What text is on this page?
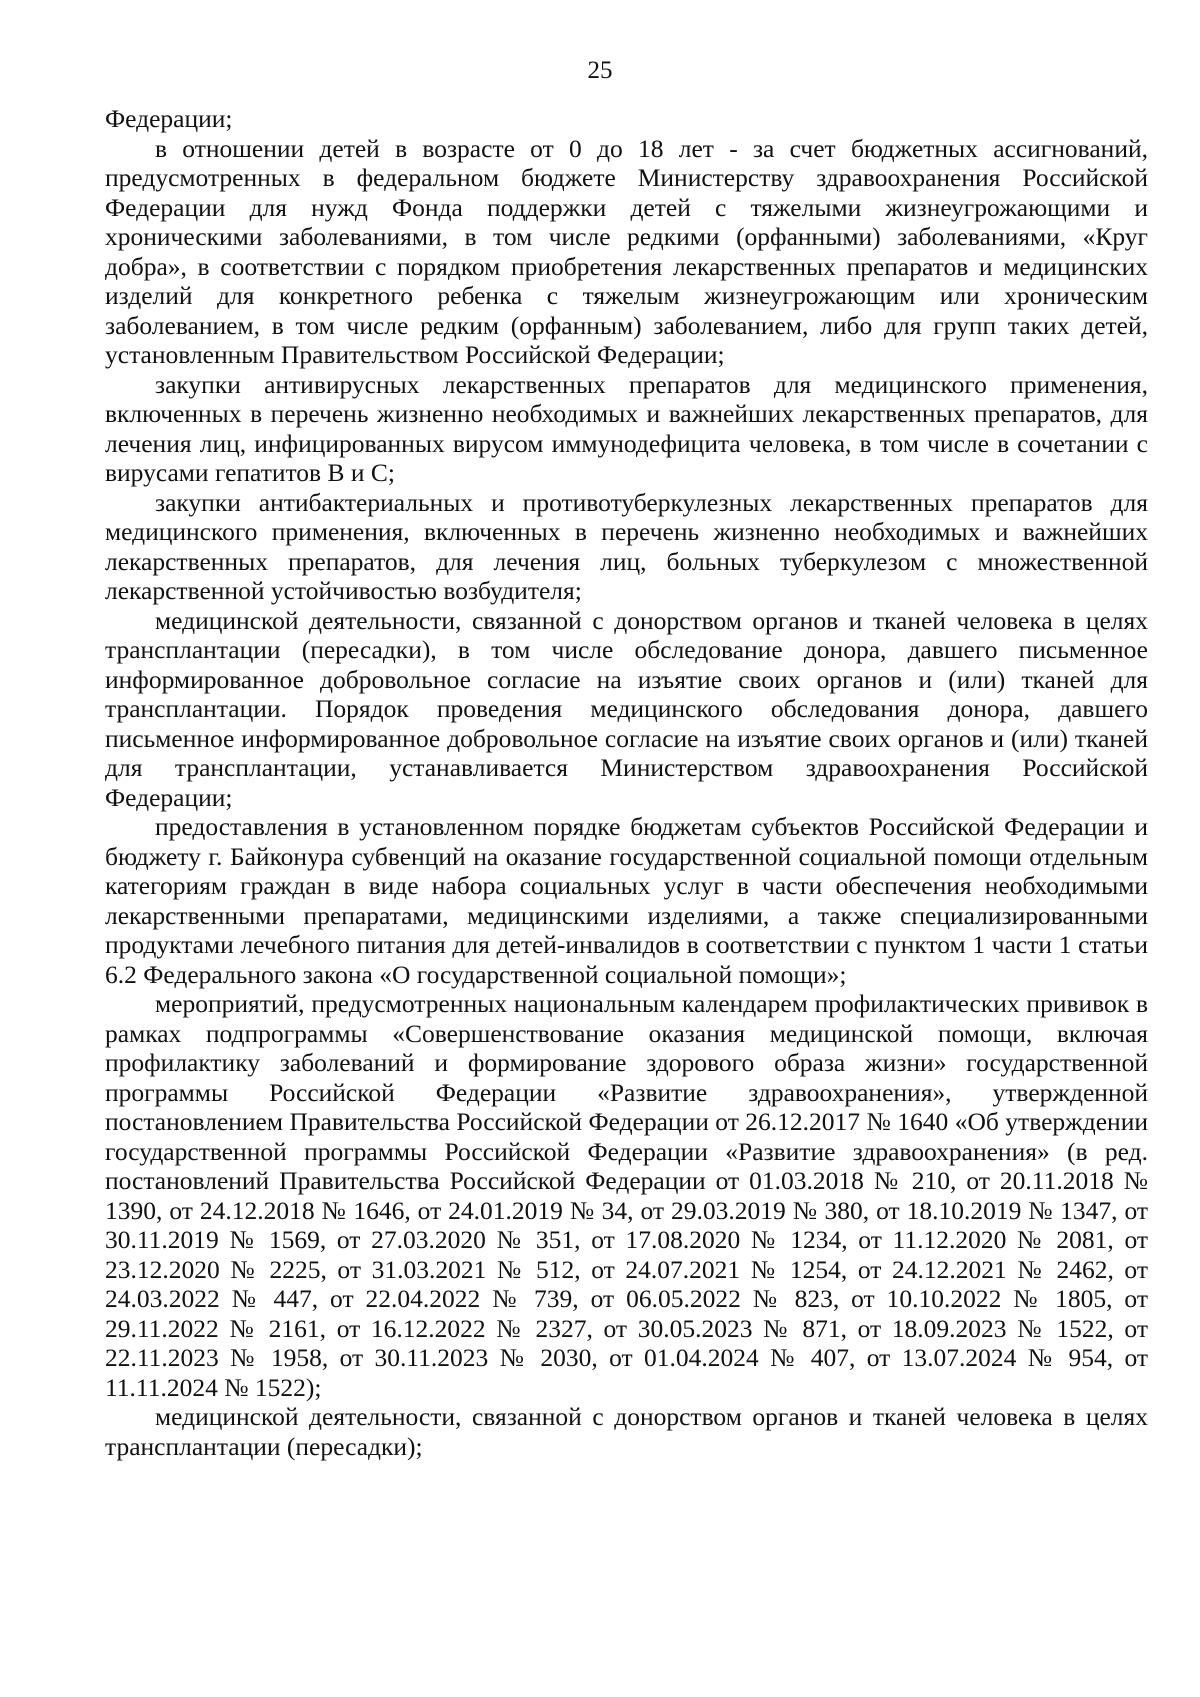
25

Федерации;

в отношении детей в возрасте от 0 до 18 лет - за счет бюджетных ассигнований, предусмотренных в федеральном бюджете Министерству здравоохранения Российской Федерации для нужд Фонда поддержки детей с тяжелыми жизнеугрожающими и хроническими заболеваниями, в том числе редкими (орфанными) заболеваниями, «Круг добра», в соответствии с порядком приобретения лекарственных препаратов и медицинских изделий для конкретного ребенка с тяжелым жизнеугрожающим или хроническим заболеванием, в том числе редким (орфанным) заболеванием, либо для групп таких детей, установленным Правительством Российской Федерации;

закупки антивирусных лекарственных препаратов для медицинского применения, включенных в перечень жизненно необходимых и важнейших лекарственных препаратов, для лечения лиц, инфицированных вирусом иммунодефицита человека, в том числе в сочетании с вирусами гепатитов В и С;

закупки антибактериальных и противотуберкулезных лекарственных препаратов для медицинского применения, включенных в перечень жизненно необходимых и важнейших лекарственных препаратов, для лечения лиц, больных туберкулезом с множественной лекарственной устойчивостью возбудителя;

медицинской деятельности, связанной с донорством органов и тканей человека в целях трансплантации (пересадки), в том числе обследование донора, давшего письменное информированное добровольное согласие на изъятие своих органов и (или) тканей для трансплантации. Порядок проведения медицинского обследования донора, давшего письменное информированное добровольное согласие на изъятие своих органов и (или) тканей для трансплантации, устанавливается Министерством здравоохранения Российской Федерации;

предоставления в установленном порядке бюджетам субъектов Российской Федерации и бюджету г. Байконура субвенций на оказание государственной социальной помощи отдельным категориям граждан в виде набора социальных услуг в части обеспечения необходимыми лекарственными препаратами, медицинскими изделиями, а также специализированными продуктами лечебного питания для детей-инвалидов в соответствии с пунктом 1 части 1 статьи 6.2 Федерального закона «О государственной социальной помощи»;

мероприятий, предусмотренных национальным календарем профилактических прививок в рамках подпрограммы «Совершенствование оказания медицинской помощи, включая профилактику заболеваний и формирование здорового образа жизни» государственной программы Российской Федерации «Развитие здравоохранения», утвержденной постановлением Правительства Российской Федерации от 26.12.2017 № 1640 «Об утверждении государственной программы Российской Федерации «Развитие здравоохранения» (в ред. постановлений Правительства Российской Федерации от 01.03.2018 № 210, от 20.11.2018 № 1390, от 24.12.2018 № 1646, от 24.01.2019 № 34, от 29.03.2019 № 380, от 18.10.2019 № 1347, от 30.11.2019 № 1569, от 27.03.2020 № 351, от 17.08.2020 № 1234, от 11.12.2020 № 2081, от 23.12.2020 № 2225, от 31.03.2021 № 512, от 24.07.2021 № 1254, от 24.12.2021 № 2462, от 24.03.2022 № 447, от 22.04.2022 № 739, от 06.05.2022 № 823, от 10.10.2022 № 1805, от 29.11.2022 № 2161, от 16.12.2022 № 2327, от 30.05.2023 № 871, от 18.09.2023 № 1522, от 22.11.2023 № 1958, от 30.11.2023 № 2030, от 01.04.2024 № 407, от 13.07.2024 № 954, от 11.11.2024 № 1522);

медицинской деятельности, связанной с донорством органов и тканей человека в целях трансплантации (пересадки);
